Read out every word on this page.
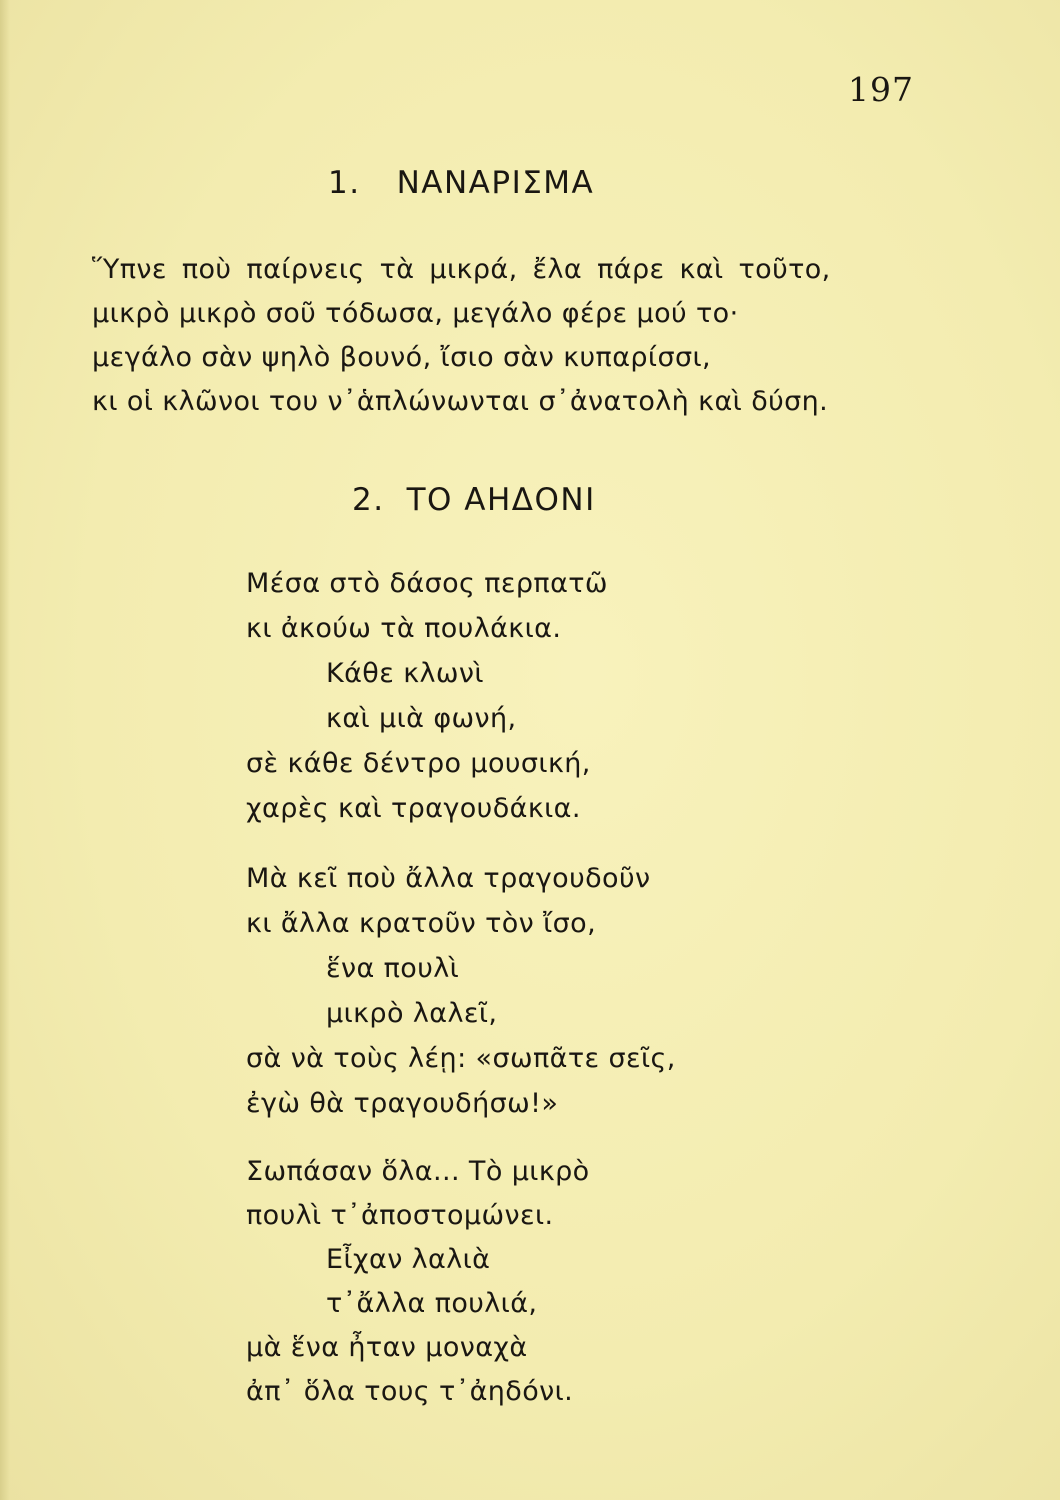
197
1. ΝΑΝΑΡΙΣΜΑ
Ὕπνε ποὺ παίρνεις τὰ μικρά, ἔλα πάρε καὶ τοῦτο,
μικρὸ μικρὸ σοῦ τόδωσα, μεγάλο φέρε μού το·
μεγάλο σὰν ψηλὸ βουνό, ἴσιο σὰν κυπαρίσσι,
κι οἱ κλῶνοι του ν᾿ἁπλώνωνται σ᾿ἀνατολὴ καὶ δύση.
2. ΤΟ ΑΗΔΟΝΙ
Μέσα στὸ δάσος περπατῶ
κι ἀκούω τὰ πουλάκια.
Κάθε κλωνὶ
καὶ μιὰ φωνή,
σὲ κάθε δέντρο μουσική,
χαρὲς καὶ τραγουδάκια.
Μὰ κεῖ ποὺ ἄλλα τραγουδοῦν
κι ἄλλα κρατοῦν τὸν ἴσο,
ἕνα πουλὶ
μικρὸ λαλεῖ,
σὰ νὰ τοὺς λέῃ: «σωπᾶτε σεῖς,
ἐγὼ θὰ τραγουδήσω!»
Σωπάσαν ὅλα... Τὸ μικρὸ
πουλὶ τ᾿ἀποστομώνει.
Εἶχαν λαλιὰ
τ᾿ἄλλα πουλιά,
μὰ ἕνα ἦταν μοναχὰ
ἀπ᾿ ὅλα τους τ᾿ἀηδόνι.
